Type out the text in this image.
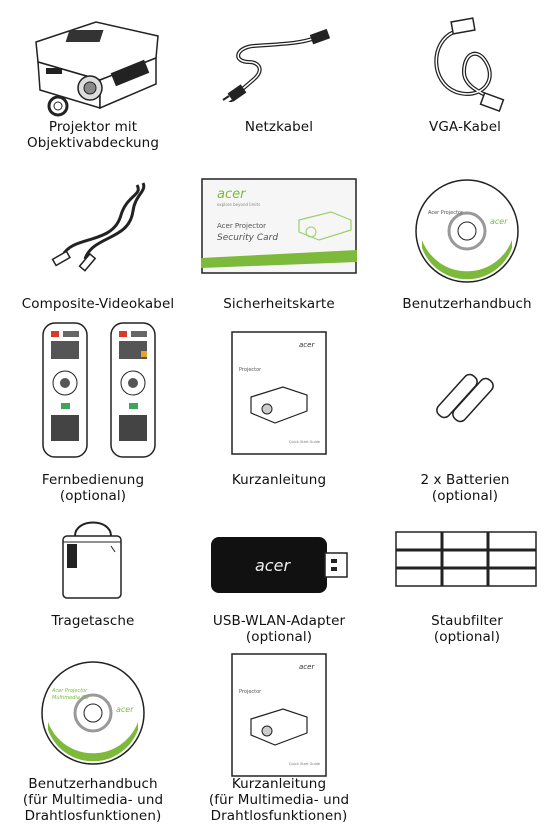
Projektor mit
Objektivabdeckung
Netzkabel	VGA-Kabel
Composite-Videokabel
acer
explore beyond limits
Acer Projector
Security Card
Sicherheitskarte
Acer Projector
acer
Benutzerhandbuch
Fernbedienung
(optional)
acer
Projector
Quick Start Guide
Kurzanleitung	2 x Batterien
(optional)
Tragetasche
acer
USB-WLAN-Adapter
(optional)
Staubfilter
(optional)
Acer Projector
Multimedia CD
acer
Benutzerhandbuch
(für Multimedia- und
Drahtlosfunktionen)
acer
Projector
Quick Start Guide
Kurzanleitung
(für Multimedia- und
Drahtlosfunktionen)
